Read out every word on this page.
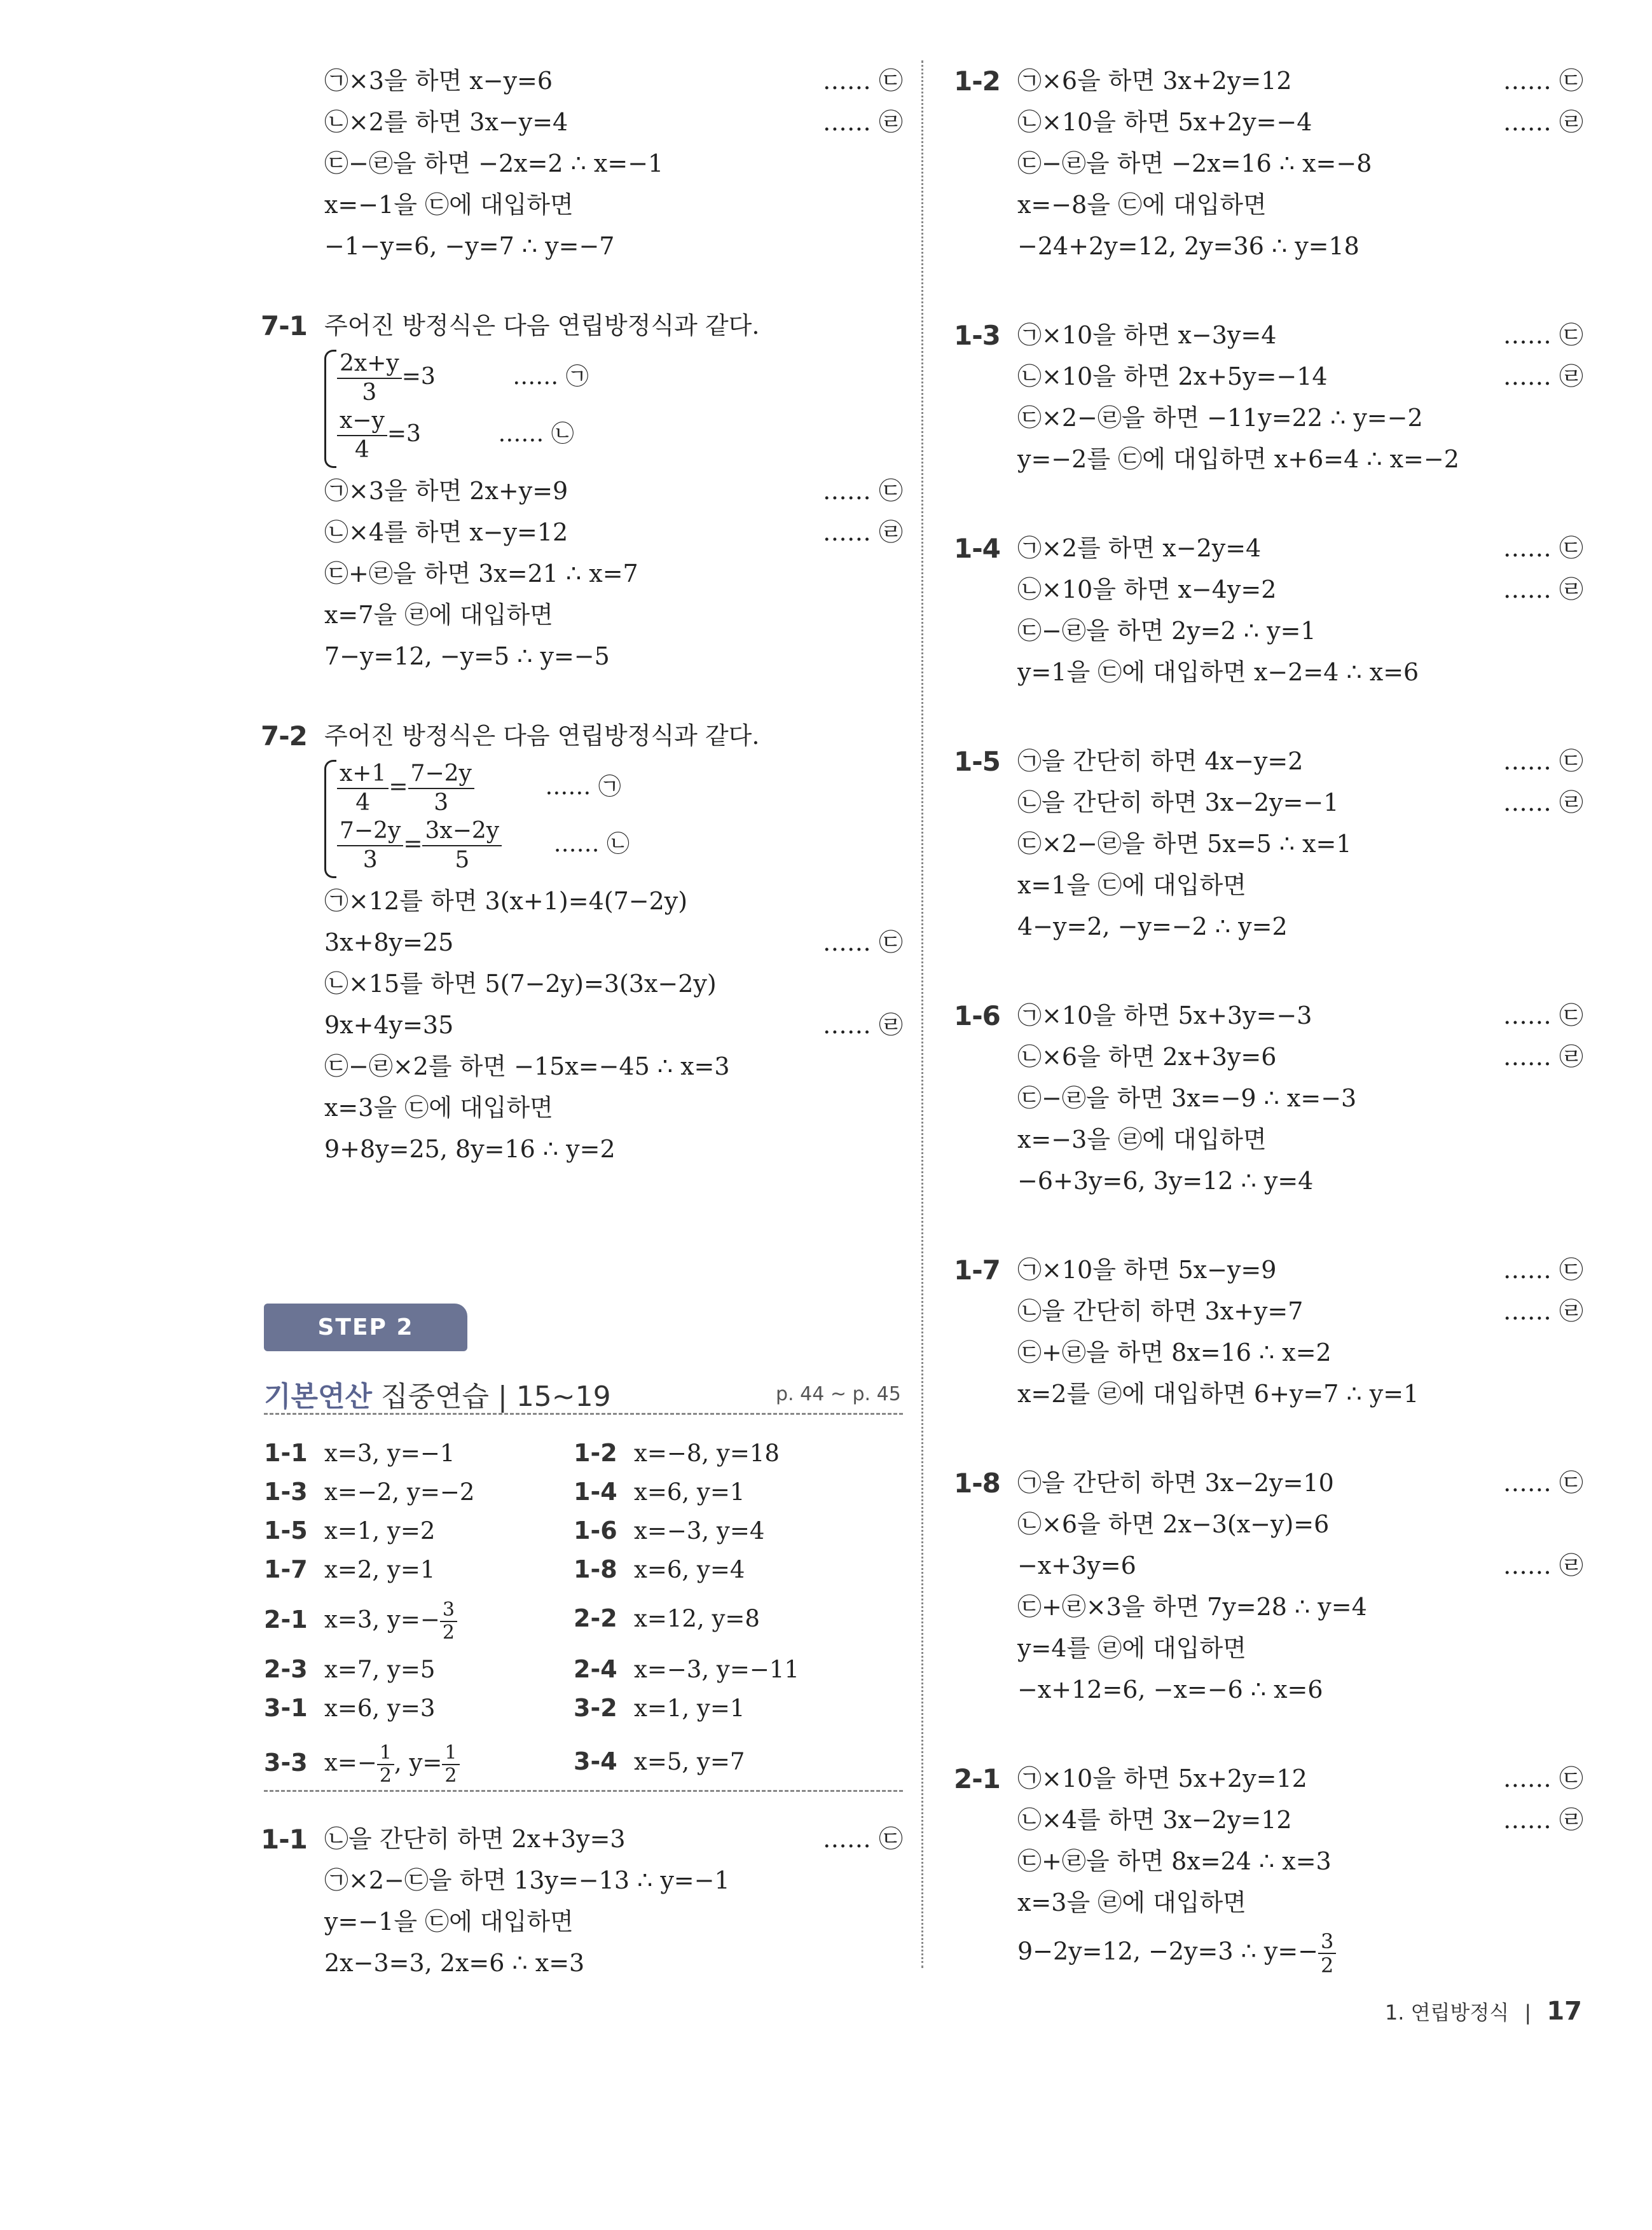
㉠×3을 하면 x−y=6	…… ㉢
㉡×2를 하면 3x−y=4	…… ㉣
㉢−㉣을 하면 −2x=2 ∴ x=−1
x=−1을 ㉢에 대입하면
−1−y=6, −y=7 ∴ y=−7
7-1 주어진 방정식은 다음 연립방정식과 같다.
$\frac{2x+y}{3} =3$	…… ㉠
$\frac{x-y}{4} =3$	…… ㉡
㉠×3을 하면 2x+y=9	…… ㉢
㉡×4를 하면 x−y=12	…… ㉣
㉢+㉣을 하면 3x=21 ∴ x=7
x=7을 ㉣에 대입하면
7−y=12, −y=5 ∴ y=−5
7-2 주어진 방정식은 다음 연립방정식과 같다.
$\frac{x+1}{4} = \frac{7-2y}{3}$	…… ㉠
$\frac{7-2y}{3} = \frac{3x-2y}{5}$ …… ㉡
㉠×12를 하면 3(x+1)=4(7−2y)
3x+8y=25	…… ㉢
㉡×15를 하면 5(7−2y)=3(3x−2y)
9x+4y=35	…… ㉣
㉢−㉣×2를 하면 −15x=−45 ∴ x=3
x=3을 ㉢에 대입하면
9+8y=25, 8y=16 ∴ y=2
STEP 2
기본연산 집중연습 | 15~19	p. 44 ~ p. 45
1-1 x=3, y=−1	1-2 x=−8, y=18
1-3 x=−2, y=−2	1-4 x=6, y=1
1-5 x=1, y=2	1-6 x=−3, y=4
1-7 x=2, y=1	1-8 x=6, y=4
2-1 x=3, $y=- \frac{3}{2}$	2-2 x=12, y=8
2-3 x=7, y=5	2-4 x=−3, y=−11
3-1 x=6, y=3	3-2 x=1, y=1
3-3 $x=- \frac{1}{2}$ , $y= \frac{1}{2}$	3-4 x=5, y=7
1-1 ㉡을 간단히 하면 2x+3y=3	…… ㉢
㉠×2−㉢을 하면 13y=−13 ∴ y=−1
y=−1을 ㉢에 대입하면
2x−3=3, 2x=6 ∴ x=3
1-2 ㉠×6을 하면 3x+2y=12	…… ㉢
㉡×10을 하면 5x+2y=−4	…… ㉣
㉢−㉣을 하면 −2x=16 ∴ x=−8
x=−8을 ㉢에 대입하면
−24+2y=12, 2y=36 ∴ y=18
1-3 ㉠×10을 하면 x−3y=4	…… ㉢
㉡×10을 하면 2x+5y=−14	…… ㉣
㉢×2−㉣을 하면 −11y=22 ∴ y=−2
y=−2를 ㉢에 대입하면 x+6=4 ∴ x=−2
1-4 ㉠×2를 하면 x−2y=4	…… ㉢
㉡×10을 하면 x−4y=2	…… ㉣
㉢−㉣을 하면 2y=2 ∴ y=1
y=1을 ㉢에 대입하면 x−2=4 ∴ x=6
1-5 ㉠을 간단히 하면 4x−y=2	…… ㉢
㉡을 간단히 하면 3x−2y=−1	…… ㉣
㉢×2−㉣을 하면 5x=5 ∴ x=1
x=1을 ㉢에 대입하면
4−y=2, −y=−2 ∴ y=2
1-6 ㉠×10을 하면 5x+3y=−3	…… ㉢
㉡×6을 하면 2x+3y=6	…… ㉣
㉢−㉣을 하면 3x=−9 ∴ x=−3
x=−3을 ㉣에 대입하면
−6+3y=6, 3y=12 ∴ y=4
1-7 ㉠×10을 하면 5x−y=9	…… ㉢
㉡을 간단히 하면 3x+y=7	…… ㉣
㉢+㉣을 하면 8x=16 ∴ x=2
x=2를 ㉣에 대입하면 6+y=7 ∴ y=1
1-8 ㉠을 간단히 하면 3x−2y=10	…… ㉢
㉡×6을 하면 2x−3(x−y)=6
−x+3y=6	…… ㉣
㉢+㉣×3을 하면 7y=28 ∴ y=4
y=4를 ㉣에 대입하면
−x+12=6, −x=−6 ∴ x=6
2-1 ㉠×10을 하면 5x+2y=12	…… ㉢
㉡×4를 하면 3x−2y=12	…… ㉣
㉢+㉣을 하면 8x=24 ∴ x=3
x=3을 ㉣에 대입하면
9−2y=12, −2y=3 ∴ $y=- \frac{3}{2}$
1. 연립방정식 | 17
